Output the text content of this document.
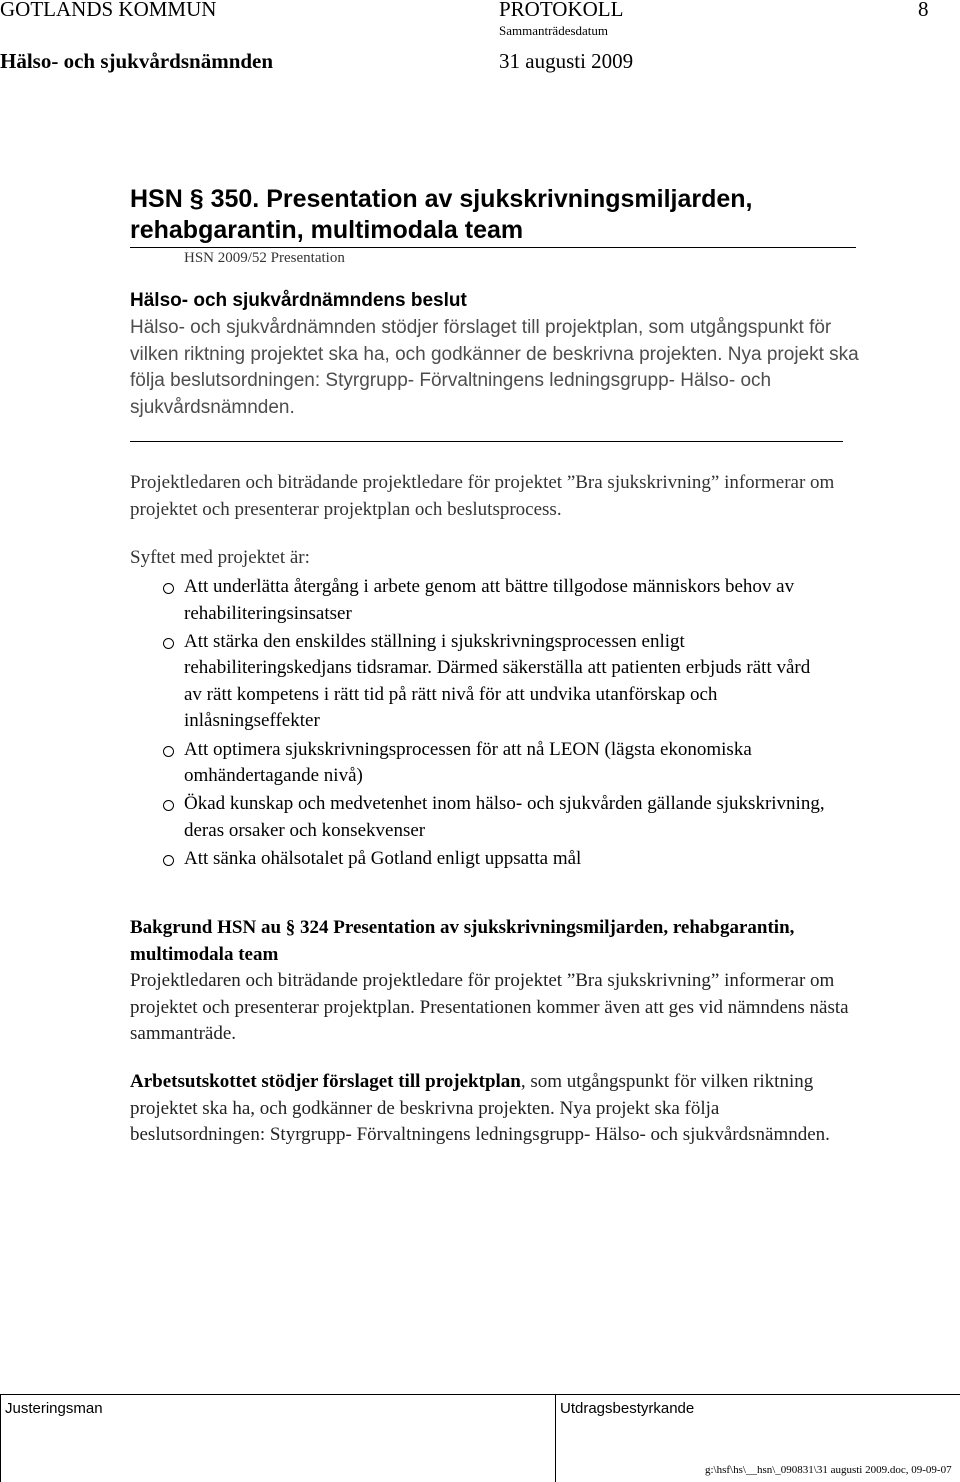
GOTLANDS KOMMUN	PROTOKOLL	8
Sammanträdesdatum
Hälso- och sjukvårdsnämnden	31 augusti 2009
HSN § 350. Presentation av sjukskrivningsmiljarden,
rehabgarantin, multimodala team
HSN 2009/52 Presentation
Hälso- och sjukvårdnämndens beslut
Hälso- och sjukvårdnämnden stödjer förslaget till projektplan, som utgångspunkt för vilken riktning projektet ska ha, och godkänner de beskrivna projekten. Nya projekt ska följa beslutsordningen: Styrgrupp- Förvaltningens ledningsgrupp- Hälso- och sjukvårdsnämnden.
Projektledaren och biträdande projektledare för projektet ”Bra sjukskrivning” informerar om projektet och presenterar projektplan och beslutsprocess.
Syftet med projektet är:
Att underlätta återgång i arbete genom att bättre tillgodose människors behov av rehabiliteringsinsatser
Att stärka den enskildes ställning i sjukskrivningsprocessen enligt rehabiliteringskedjans tidsramar. Därmed säkerställa att patienten erbjuds rätt vård av rätt kompetens i rätt tid på rätt nivå för att undvika utanförskap och inlåsningseffekter
Att optimera sjukskrivningsprocessen för att nå LEON (lägsta ekonomiska omhändertagande nivå)
Ökad kunskap och medvetenhet inom hälso- och sjukvården gällande sjukskrivning, deras orsaker och konsekvenser
Att sänka ohälsotalet på Gotland enligt uppsatta mål
Bakgrund HSN au § 324 Presentation av sjukskrivningsmiljarden, rehabgarantin, multimodala team
Projektledaren och biträdande projektledare för projektet ”Bra sjukskrivning” informerar om projektet och presenterar projektplan. Presentationen kommer även att ges vid nämndens nästa sammanträde.
Arbetsutskottet stödjer förslaget till projektplan, som utgångspunkt för vilken riktning projektet ska ha, och godkänner de beskrivna projekten. Nya projekt ska följa beslutsordningen: Styrgrupp- Förvaltningens ledningsgrupp- Hälso- och sjukvårdsnämnden.
Justeringsman	Utdragsbestyrkande
g:\hsf\hs\__hsn\_090831\31 augusti 2009.doc, 09-09-07
